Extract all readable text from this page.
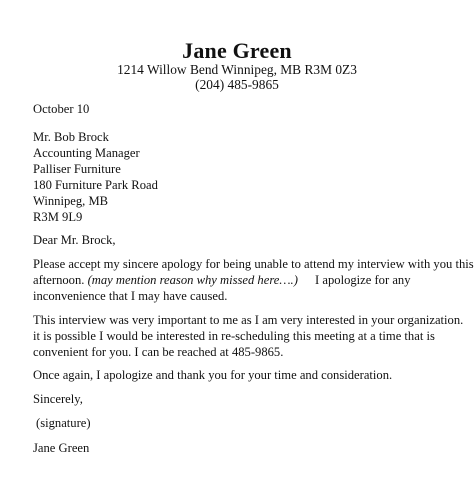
Jane Green
1214 Willow Bend Winnipeg, MB R3M 0Z3
(204) 485-9865
October 10
Mr. Bob Brock
Accounting Manager
Palliser Furniture
180 Furniture Park Road
Winnipeg, MB
R3M 9L9
Dear Mr. Brock,
Please accept my sincere apology for being unable to attend my interview with you this
afternoon. (may mention reason why missed here….) I apologize for any
inconvenience that I may have caused.
This interview was very important to me as I am very interested in your organization.
it is possible I would be interested in re-scheduling this meeting at a time that is
convenient for you. I can be reached at 485-9865.
Once again, I apologize and thank you for your time and consideration.
Sincerely,
(signature)
Jane Green
